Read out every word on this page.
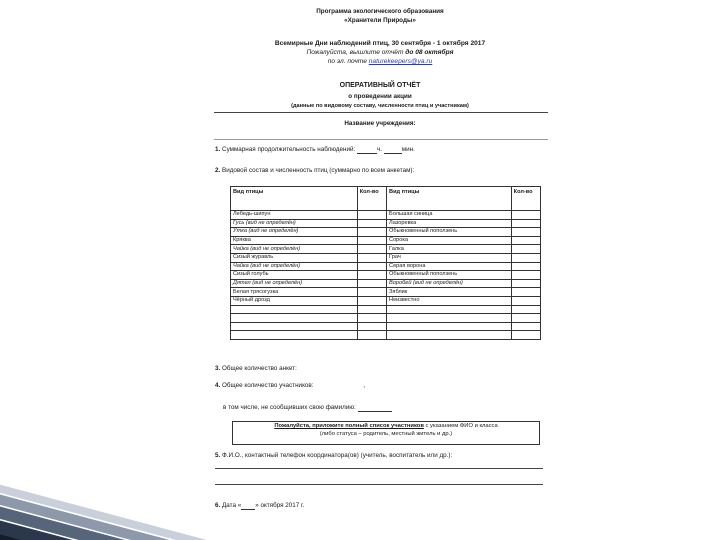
Программа экологического образования
«Хранители Природы»
Всемирные Дни наблюдений птиц, 30 сентября - 1 октября 2017
Пожалуйста, вышлите отчёт до 08 октября
по эл. почте naturekeepers@ya.ru
ОПЕРАТИВНЫЙ ОТЧЁТ
о проведении акции
(данные по видовому составу, численности птиц и участникам)
Название учреждения:
1. Суммарная продолжительность наблюдений:	ч.	мин.
2. Видовой состав и численность птиц (суммарно по всем анкетам):
Вид птицы	Кол-во	Вид птицы	Кол-во
Лебедь-шипун		Большая синица	
Гусь (вид не определён)		Лазоревка	
Утка (вид не определён)		Обыкновенный поползень	
Кряква		Сорока	
Чайка (вид не определён)		Галка	
Сизый журавль		Грач	
Чайка (вид не определён)		Серая ворона	
Сизый голубь		Обыкновенный поползень	
Дятел (вид не определён)		Воробей (вид не определён)	
Белая трясогузка		Зяблик	
Чёрный дрозд		Неизвестно	

3. Общее количество анкет:
4. Общее количество участников:	,
в том числе, не сообщивших свою фамилию:
Пожалуйста, приложите полный список участников с указанием ФИО и класса
(либо статуса – родитель, местный житель и др.)
5. Ф.И.О., контактный телефон координатора(ов) (учитель, воспитатель или др.):
6. Дата « » октября 2017 г.
